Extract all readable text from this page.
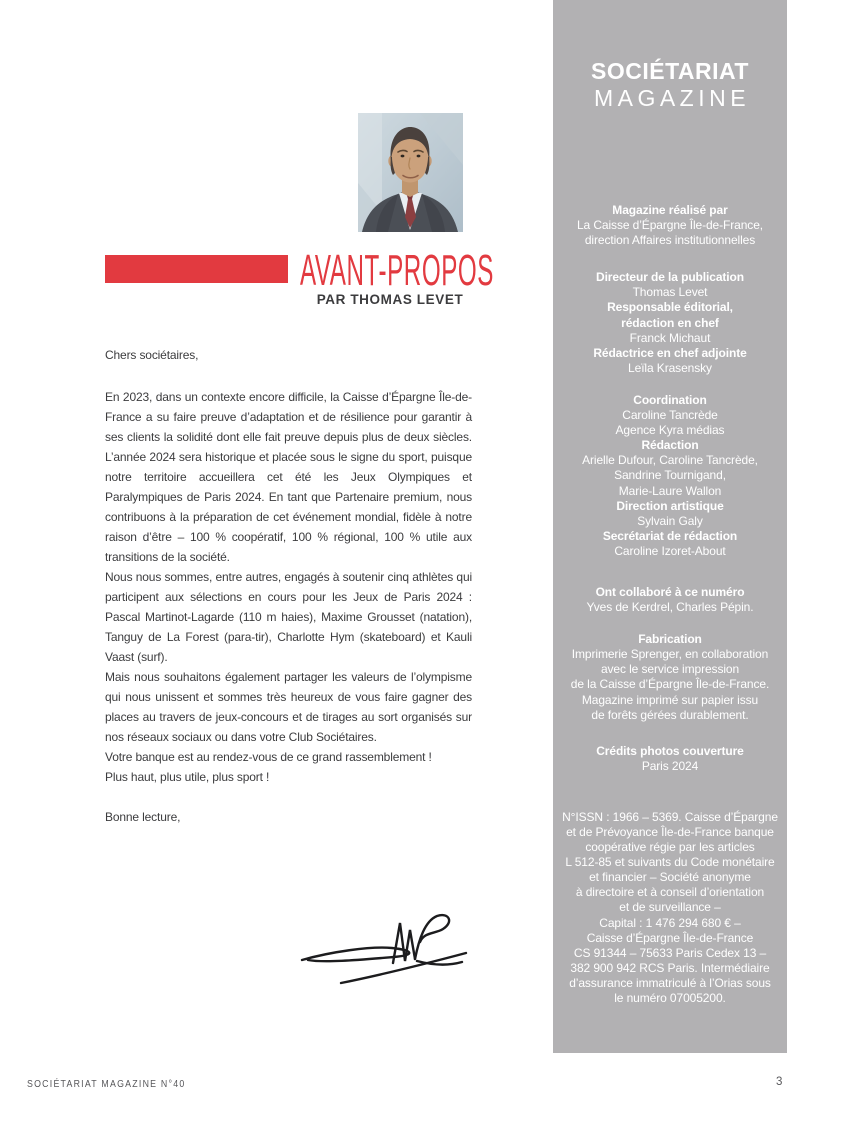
AVANT-PROPOS
PAR THOMAS LEVET
Chers sociétaires,

En 2023, dans un contexte encore difficile, la Caisse d’Épargne Île-de-France a su faire preuve d’adaptation et de résilience pour garantir à ses clients la solidité dont elle fait preuve depuis plus de deux siècles. L’année 2024 sera historique et placée sous le signe du sport, puisque notre territoire accueillera cet été les Jeux Olympiques et Paralympiques de Paris 2024. En tant que Partenaire premium, nous contribuons à la préparation de cet événement mondial, fidèle à notre raison d’être – 100 % coopératif, 100 % régional, 100 % utile aux transitions de la société.

Nous nous sommes, entre autres, engagés à soutenir cinq athlètes qui participent aux sélections en cours pour les Jeux de Paris 2024 : Pascal Martinot-Lagarde (110 m haies), Maxime Grousset (natation), Tanguy de La Forest (para-tir), Charlotte Hym (skateboard) et Kauli Vaast (surf).

Mais nous souhaitons également partager les valeurs de l’olympisme qui nous unissent et sommes très heureux de vous faire gagner des places au travers de jeux-concours et de tirages au sort organisés sur nos réseaux sociaux ou dans votre Club Sociétaires.

Votre banque est au rendez-vous de ce grand rassemblement !

Plus haut, plus utile, plus sport !

Bonne lecture,
SOCIÉTARIAT
MAGAZINE
Magazine réalisé par
La Caisse d’Épargne Île-de-France,
direction Affaires institutionnelles
Directeur de la publication
Thomas Levet
Responsable éditorial,
rédaction en chef
Franck Michaut
Rédactrice en chef adjointe
Leïla Krasensky
Coordination
Caroline Tancrède
Agence Kyra médias
Rédaction
Arielle Dufour, Caroline Tancrède,
Sandrine Tournigand,
Marie-Laure Wallon
Direction artistique
Sylvain Galy
Secrétariat de rédaction
Caroline Izoret-About
Ont collaboré à ce numéro
Yves de Kerdrel, Charles Pépin.
Fabrication
Imprimerie Sprenger, en collaboration
avec le service impression
de la Caisse d’Épargne Île-de-France.
Magazine imprimé sur papier issu
de forêts gérées durablement.
Crédits photos couverture
Paris 2024
N°ISSN : 1966 – 5369. Caisse d’Épargne
et de Prévoyance Île-de-France banque
coopérative régie par les articles
L 512-85 et suivants du Code monétaire
et financier – Société anonyme
à directoire et à conseil d’orientation
et de surveillance –
Capital : 1 476 294 680 € –
Caisse d’Épargne Île-de-France
CS 91344 – 75633 Paris Cedex 13 –
382 900 942 RCS Paris. Intermédiaire
d’assurance immatriculé à l’Orias sous
le numéro 07005200.
SOCIÉTARIAT MAGAZINE N°40	3
